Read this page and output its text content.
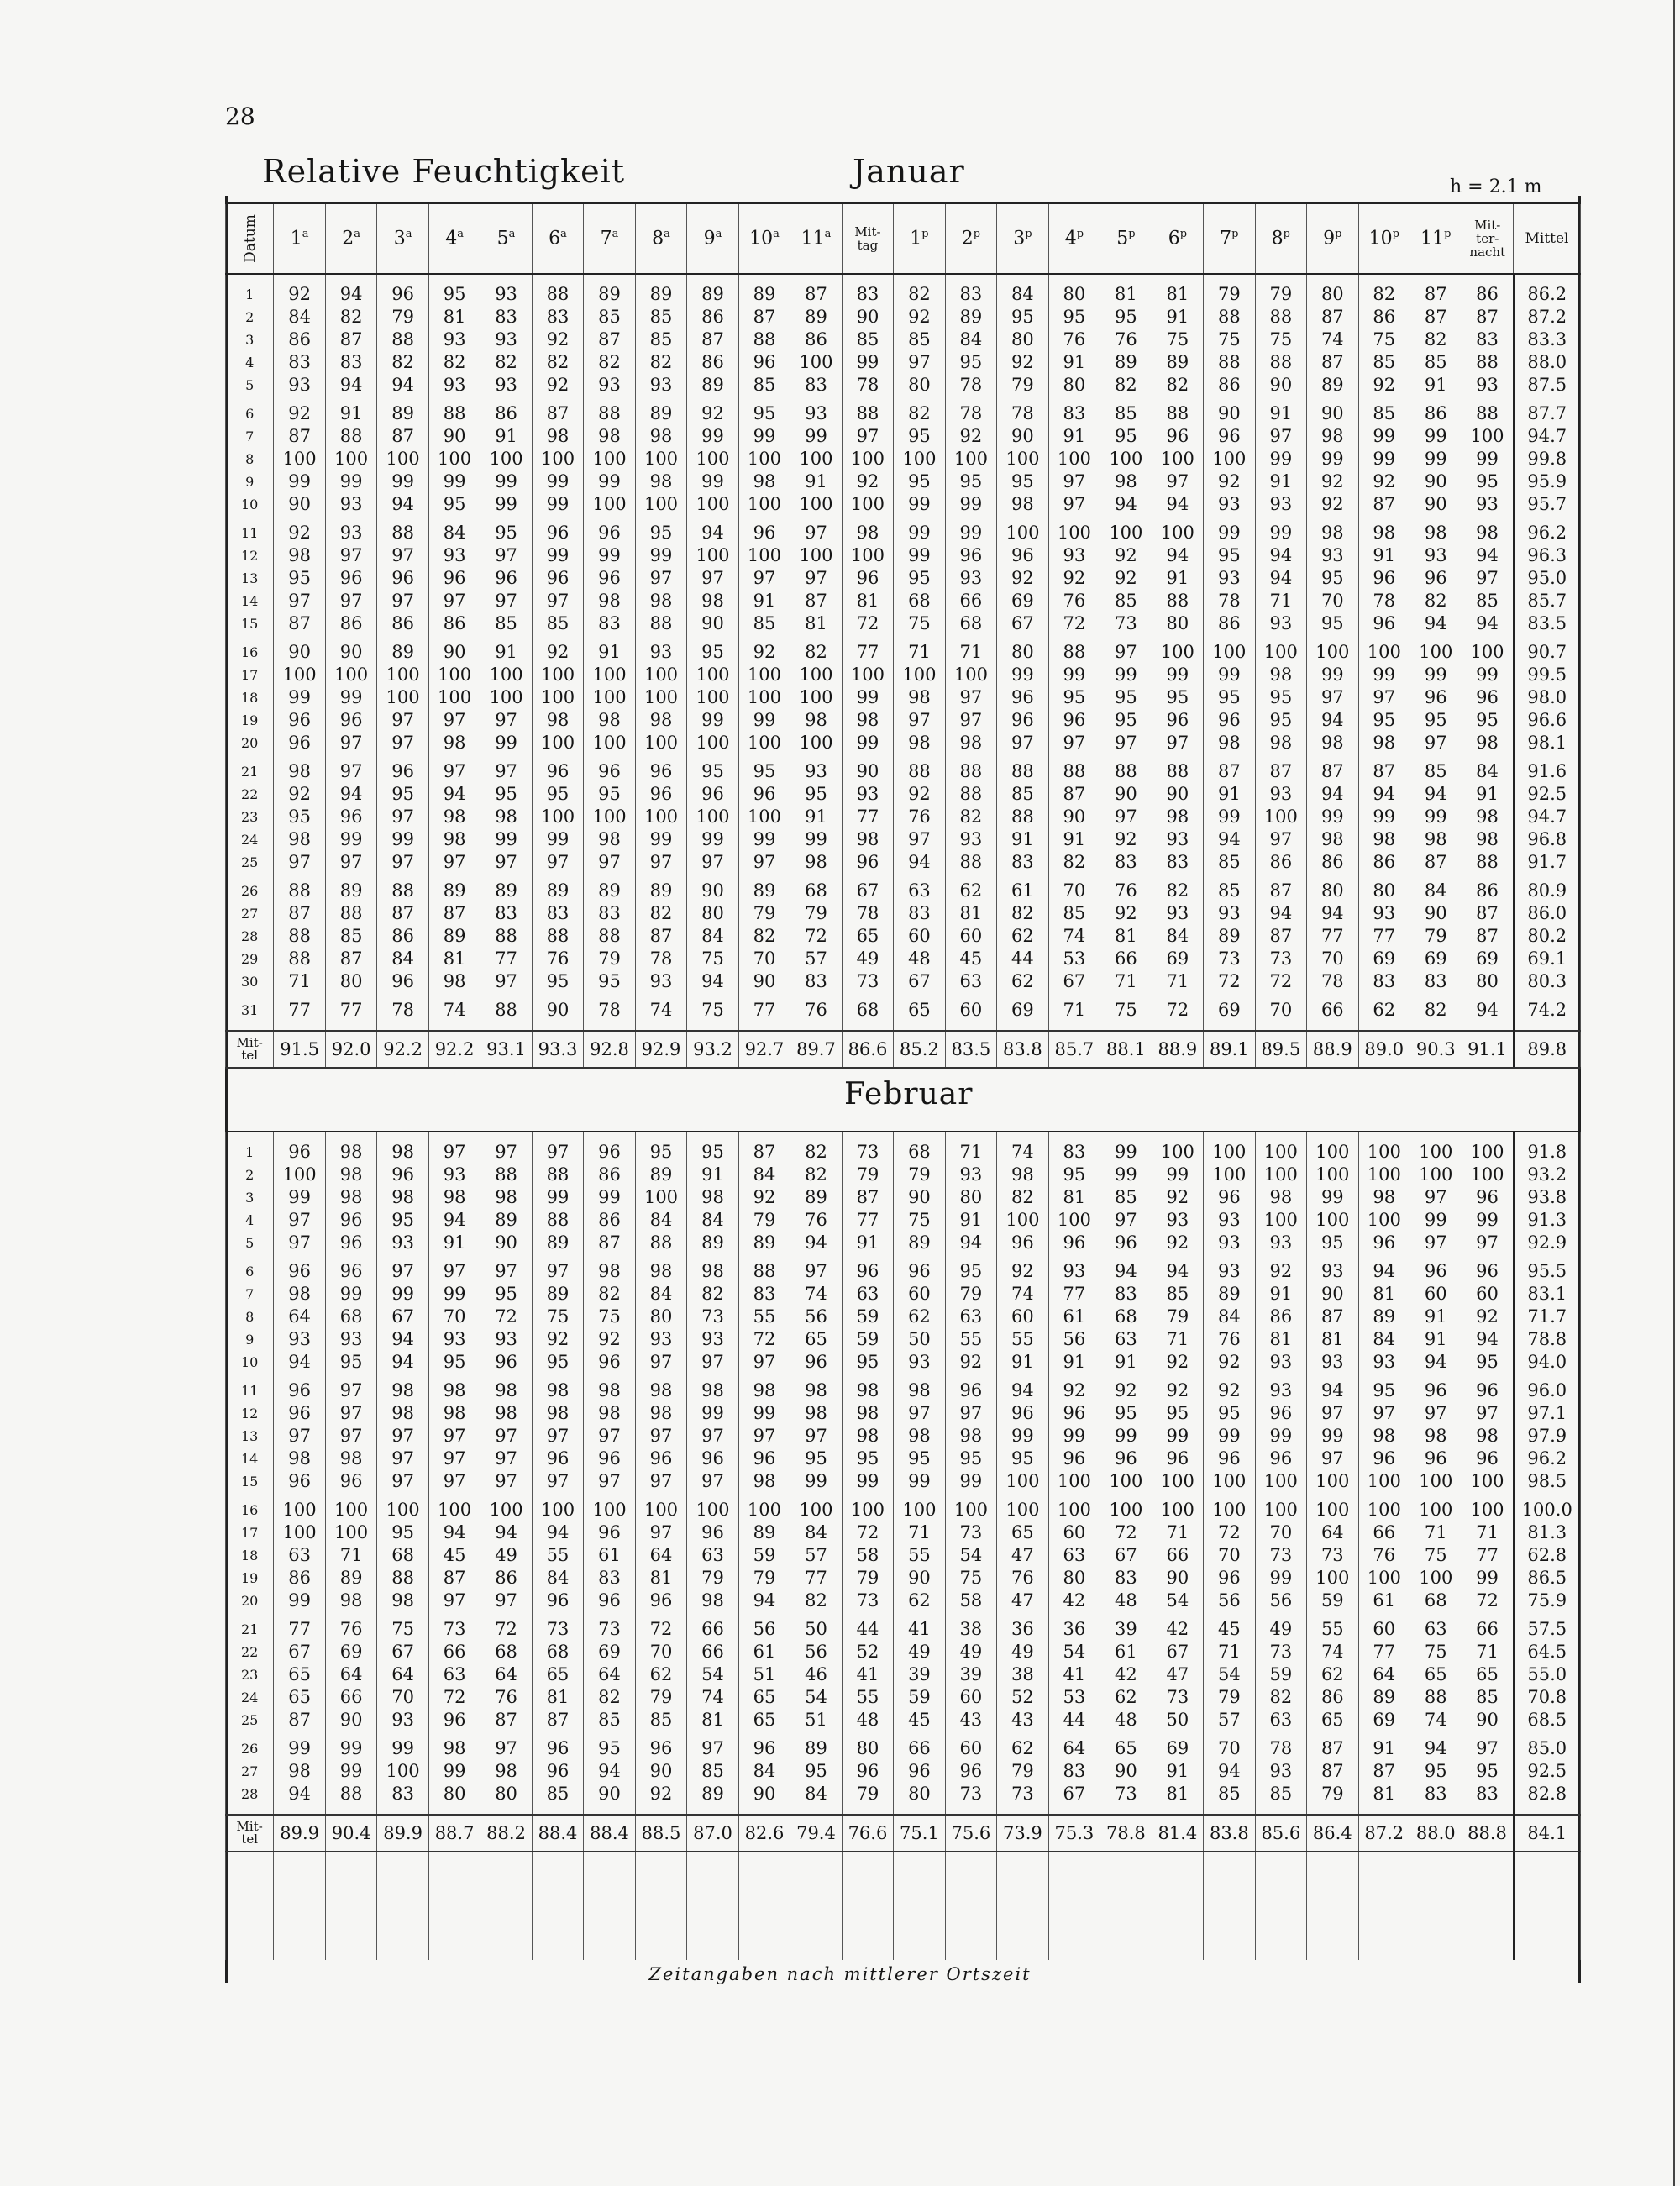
28
Relative Feuchtigkeit	Januar	h = 2.1 m
Datum	1$^a$	2$^a$	3$^a$	4$^a$	5$^a$	6$^a$	7$^a$	8$^a$	9$^a$	10$^a$	11$^a$	Mit-
tag	1$^p$	2$^p$	3$^p$	4$^p$	5$^p$	6$^p$	7$^p$	8$^p$	9$^p$	10$^p$	11$^p$	Mit-
ter-
nacht	Mittel

1	92	94	96	95	93	88	89	89	89	89	87	83	82	83	84	80	81	81	79	79	80	82	87	86	86.2
2	84	82	79	81	83	83	85	85	86	87	89	90	92	89	95	95	95	91	88	88	87	86	87	87	87.2
3	86	87	88	93	93	92	87	85	87	88	86	85	85	84	80	76	76	75	75	75	74	75	82	83	83.3
4	83	83	82	82	82	82	82	82	86	96	100	99	97	95	92	91	89	89	88	88	87	85	85	88	88.0
5	93	94	94	93	93	92	93	93	89	85	83	78	80	78	79	80	82	82	86	90	89	92	91	93	87.5

6	92	91	89	88	86	87	88	89	92	95	93	88	82	78	78	83	85	88	90	91	90	85	86	88	87.7
7	87	88	87	90	91	98	98	98	99	99	99	97	95	92	90	91	95	96	96	97	98	99	99	100	94.7
8	100	100	100	100	100	100	100	100	100	100	100	100	100	100	100	100	100	100	100	99	99	99	99	99	99.8
9	99	99	99	99	99	99	99	98	99	98	91	92	95	95	95	97	98	97	92	91	92	92	90	95	95.9
10	90	93	94	95	99	99	100	100	100	100	100	100	99	99	98	97	94	94	93	93	92	87	90	93	95.7

11	92	93	88	84	95	96	96	95	94	96	97	98	99	99	100	100	100	100	99	99	98	98	98	98	96.2
12	98	97	97	93	97	99	99	99	100	100	100	100	99	96	96	93	92	94	95	94	93	91	93	94	96.3
13	95	96	96	96	96	96	96	97	97	97	97	96	95	93	92	92	92	91	93	94	95	96	96	97	95.0
14	97	97	97	97	97	97	98	98	98	91	87	81	68	66	69	76	85	88	78	71	70	78	82	85	85.7
15	87	86	86	86	85	85	83	88	90	85	81	72	75	68	67	72	73	80	86	93	95	96	94	94	83.5

16	90	90	89	90	91	92	91	93	95	92	82	77	71	71	80	88	97	100	100	100	100	100	100	100	90.7
17	100	100	100	100	100	100	100	100	100	100	100	100	100	100	99	99	99	99	99	98	99	99	99	99	99.5
18	99	99	100	100	100	100	100	100	100	100	100	99	98	97	96	95	95	95	95	95	97	97	96	96	98.0
19	96	96	97	97	97	98	98	98	99	99	98	98	97	97	96	96	95	96	96	95	94	95	95	95	96.6
20	96	97	97	98	99	100	100	100	100	100	100	99	98	98	97	97	97	97	98	98	98	98	97	98	98.1

21	98	97	96	97	97	96	96	96	95	95	93	90	88	88	88	88	88	88	87	87	87	87	85	84	91.6
22	92	94	95	94	95	95	95	96	96	96	95	93	92	88	85	87	90	90	91	93	94	94	94	91	92.5
23	95	96	97	98	98	100	100	100	100	100	91	77	76	82	88	90	97	98	99	100	99	99	99	98	94.7
24	98	99	99	98	99	99	98	99	99	99	99	98	97	93	91	91	92	93	94	97	98	98	98	98	96.8
25	97	97	97	97	97	97	97	97	97	97	98	96	94	88	83	82	83	83	85	86	86	86	87	88	91.7

26	88	89	88	89	89	89	89	89	90	89	68	67	63	62	61	70	76	82	85	87	80	80	84	86	80.9
27	87	88	87	87	83	83	83	82	80	79	79	78	83	81	82	85	92	93	93	94	94	93	90	87	86.0
28	88	85	86	89	88	88	88	87	84	82	72	65	60	60	62	74	81	84	89	87	77	77	79	87	80.2
29	88	87	84	81	77	76	79	78	75	70	57	49	48	45	44	53	66	69	73	73	70	69	69	69	69.1
30	71	80	96	98	97	95	95	93	94	90	83	73	67	63	62	67	71	71	72	72	78	83	83	80	80.3

31	77	77	78	74	88	90	78	74	75	77	76	68	65	60	69	71	75	72	69	70	66	62	82	94	74.2

Mit-
tel	91.5	92.0	92.2	92.2	93.1	93.3	92.8	92.9	93.2	92.7	89.7	86.6	85.2	83.5	83.8	85.7	88.1	88.9	89.1	89.5	88.9	89.0	90.3	91.1	89.8
Februar

1	96	98	98	97	97	97	96	95	95	87	82	73	68	71	74	83	99	100	100	100	100	100	100	100	91.8
2	100	98	96	93	88	88	86	89	91	84	82	79	79	93	98	95	99	99	100	100	100	100	100	100	93.2
3	99	98	98	98	98	99	99	100	98	92	89	87	90	80	82	81	85	92	96	98	99	98	97	96	93.8
4	97	96	95	94	89	88	86	84	84	79	76	77	75	91	100	100	97	93	93	100	100	100	99	99	91.3
5	97	96	93	91	90	89	87	88	89	89	94	91	89	94	96	96	96	92	93	93	95	96	97	97	92.9

6	96	96	97	97	97	97	98	98	98	88	97	96	96	95	92	93	94	94	93	92	93	94	96	96	95.5
7	98	99	99	99	95	89	82	84	82	83	74	63	60	79	74	77	83	85	89	91	90	81	60	60	83.1
8	64	68	67	70	72	75	75	80	73	55	56	59	62	63	60	61	68	79	84	86	87	89	91	92	71.7
9	93	93	94	93	93	92	92	93	93	72	65	59	50	55	55	56	63	71	76	81	81	84	91	94	78.8
10	94	95	94	95	96	95	96	97	97	97	96	95	93	92	91	91	91	92	92	93	93	93	94	95	94.0

11	96	97	98	98	98	98	98	98	98	98	98	98	98	96	94	92	92	92	92	93	94	95	96	96	96.0
12	96	97	98	98	98	98	98	98	99	99	98	98	97	97	96	96	95	95	95	96	97	97	97	97	97.1
13	97	97	97	97	97	97	97	97	97	97	97	98	98	98	99	99	99	99	99	99	99	98	98	98	97.9
14	98	98	97	97	97	96	96	96	96	96	95	95	95	95	95	96	96	96	96	96	97	96	96	96	96.2
15	96	96	97	97	97	97	97	97	97	98	99	99	99	99	100	100	100	100	100	100	100	100	100	100	98.5

16	100	100	100	100	100	100	100	100	100	100	100	100	100	100	100	100	100	100	100	100	100	100	100	100	100.0
17	100	100	95	94	94	94	96	97	96	89	84	72	71	73	65	60	72	71	72	70	64	66	71	71	81.3
18	63	71	68	45	49	55	61	64	63	59	57	58	55	54	47	63	67	66	70	73	73	76	75	77	62.8
19	86	89	88	87	86	84	83	81	79	79	77	79	90	75	76	80	83	90	96	99	100	100	100	99	86.5
20	99	98	98	97	97	96	96	96	98	94	82	73	62	58	47	42	48	54	56	56	59	61	68	72	75.9

21	77	76	75	73	72	73	73	72	66	56	50	44	41	38	36	36	39	42	45	49	55	60	63	66	57.5
22	67	69	67	66	68	68	69	70	66	61	56	52	49	49	49	54	61	67	71	73	74	77	75	71	64.5
23	65	64	64	63	64	65	64	62	54	51	46	41	39	39	38	41	42	47	54	59	62	64	65	65	55.0
24	65	66	70	72	76	81	82	79	74	65	54	55	59	60	52	53	62	73	79	82	86	89	88	85	70.8
25	87	90	93	96	87	87	85	85	81	65	51	48	45	43	43	44	48	50	57	63	65	69	74	90	68.5

26	99	99	99	98	97	96	95	96	97	96	89	80	66	60	62	64	65	69	70	78	87	91	94	97	85.0
27	98	99	100	99	98	96	94	90	85	84	95	96	96	96	79	83	90	91	94	93	87	87	95	95	92.5
28	94	88	83	80	80	85	90	92	89	90	84	79	80	73	73	67	73	81	85	85	79	81	83	83	82.8

Mit-
tel	89.9	90.4	89.9	88.7	88.2	88.4	88.4	88.5	87.0	82.6	79.4	76.6	75.1	75.6	73.9	75.3	78.8	81.4	83.8	85.6	86.4	87.2	88.0	88.8	84.1

Zeitangaben nach mittlerer Ortszeit
